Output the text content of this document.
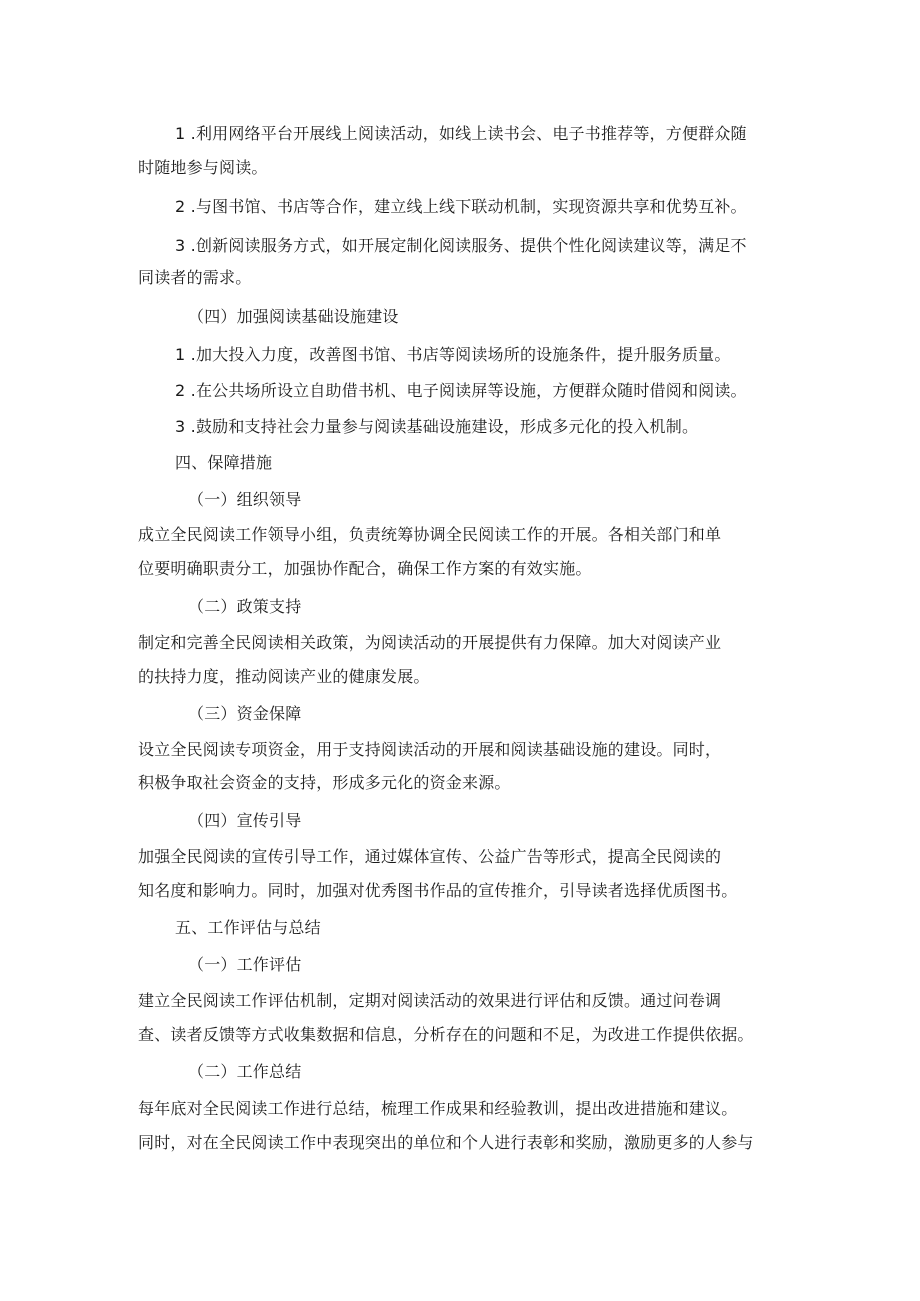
1 .利用网络平台开展线上阅读活动，如线上读书会、电子书推荐等，方便群众随
时随地参与阅读。
2 .与图书馆、书店等合作，建立线上线下联动机制，实现资源共享和优势互补。
3 .创新阅读服务方式，如开展定制化阅读服务、提供个性化阅读建议等，满足不
同读者的需求。
（四）加强阅读基础设施建设
1 .加大投入力度，改善图书馆、书店等阅读场所的设施条件，提升服务质量。
2 .在公共场所设立自助借书机、电子阅读屏等设施，方便群众随时借阅和阅读。
3 .鼓励和支持社会力量参与阅读基础设施建设，形成多元化的投入机制。
四、保障措施
（一）组织领导
成立全民阅读工作领导小组，负责统筹协调全民阅读工作的开展。各相关部门和单
位要明确职责分工，加强协作配合，确保工作方案的有效实施。
（二）政策支持
制定和完善全民阅读相关政策，为阅读活动的开展提供有力保障。加大对阅读产业
的扶持力度，推动阅读产业的健康发展。
（三）资金保障
设立全民阅读专项资金，用于支持阅读活动的开展和阅读基础设施的建设。同时，
积极争取社会资金的支持，形成多元化的资金来源。
（四）宣传引导
加强全民阅读的宣传引导工作，通过媒体宣传、公益广告等形式，提高全民阅读的
知名度和影响力。同时，加强对优秀图书作品的宣传推介，引导读者选择优质图书。
五、工作评估与总结
（一）工作评估
建立全民阅读工作评估机制，定期对阅读活动的效果进行评估和反馈。通过问卷调
查、读者反馈等方式收集数据和信息，分析存在的问题和不足，为改进工作提供依据。
（二）工作总结
每年底对全民阅读工作进行总结，梳理工作成果和经验教训，提出改进措施和建议。
同时，对在全民阅读工作中表现突出的单位和个人进行表彰和奖励，激励更多的人参与
